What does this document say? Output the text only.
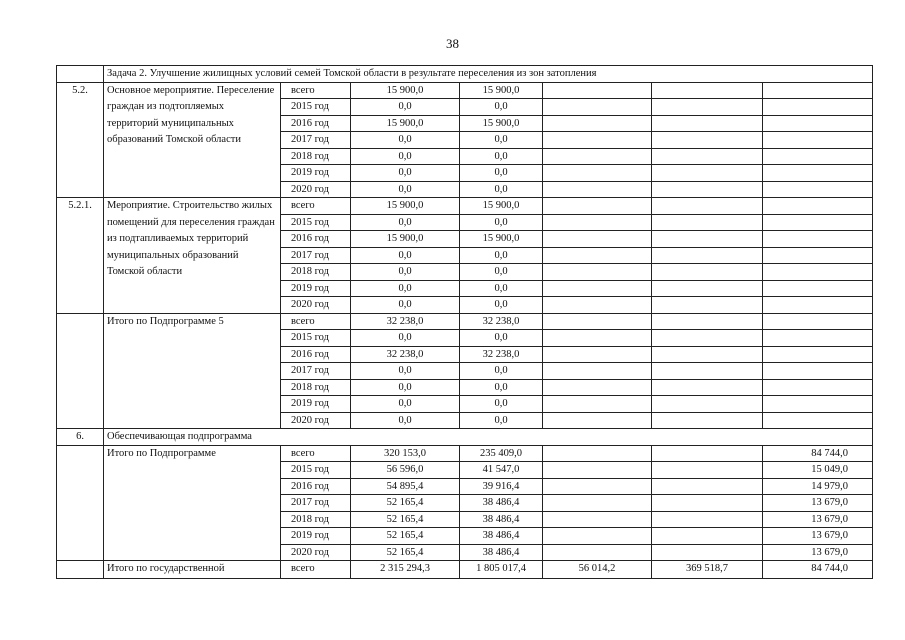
38
	Задача 2. Улучшение жилищных условий семей Томской области в результате переселения из зон затопления						
5.2.	Основное мероприятие. Переселение граждан из подтопляемых территорий муниципальных образований Томской области	всего	15 900,0	15 900,0			
		2015 год	0,0	0,0			
		2016 год	15 900,0	15 900,0			
		2017 год	0,0	0,0			
		2018 год	0,0	0,0			
		2019 год	0,0	0,0			
		2020 год	0,0	0,0			
5.2.1.	Мероприятие. Строительство жилых помещений для переселения граждан из подтапливаемых территорий муниципальных образований Томской области	всего	15 900,0	15 900,0			
		2015 год	0,0	0,0			
		2016 год	15 900,0	15 900,0			
		2017 год	0,0	0,0			
		2018 год	0,0	0,0			
		2019 год	0,0	0,0			
		2020 год	0,0	0,0			
	Итого по Подпрограмме 5	всего	32 238,0	32 238,0			
		2015 год	0,0	0,0			
		2016 год	32 238,0	32 238,0			
		2017 год	0,0	0,0			
		2018 год	0,0	0,0			
		2019 год	0,0	0,0			
		2020 год	0,0	0,0			
6.	Обеспечивающая подпрограмма						
	Итого по Подпрограмме	всего	320 153,0	235 409,0			84 744,0
		2015 год	56 596,0	41 547,0			15 049,0
		2016 год	54 895,4	39 916,4			14 979,0
		2017 год	52 165,4	38 486,4			13 679,0
		2018 год	52 165,4	38 486,4			13 679,0
		2019 год	52 165,4	38 486,4			13 679,0
		2020 год	52 165,4	38 486,4			13 679,0
	Итого по государственной	всего	2 315 294,3	1 805 017,4	56 014,2	369 518,7	84 744,0
